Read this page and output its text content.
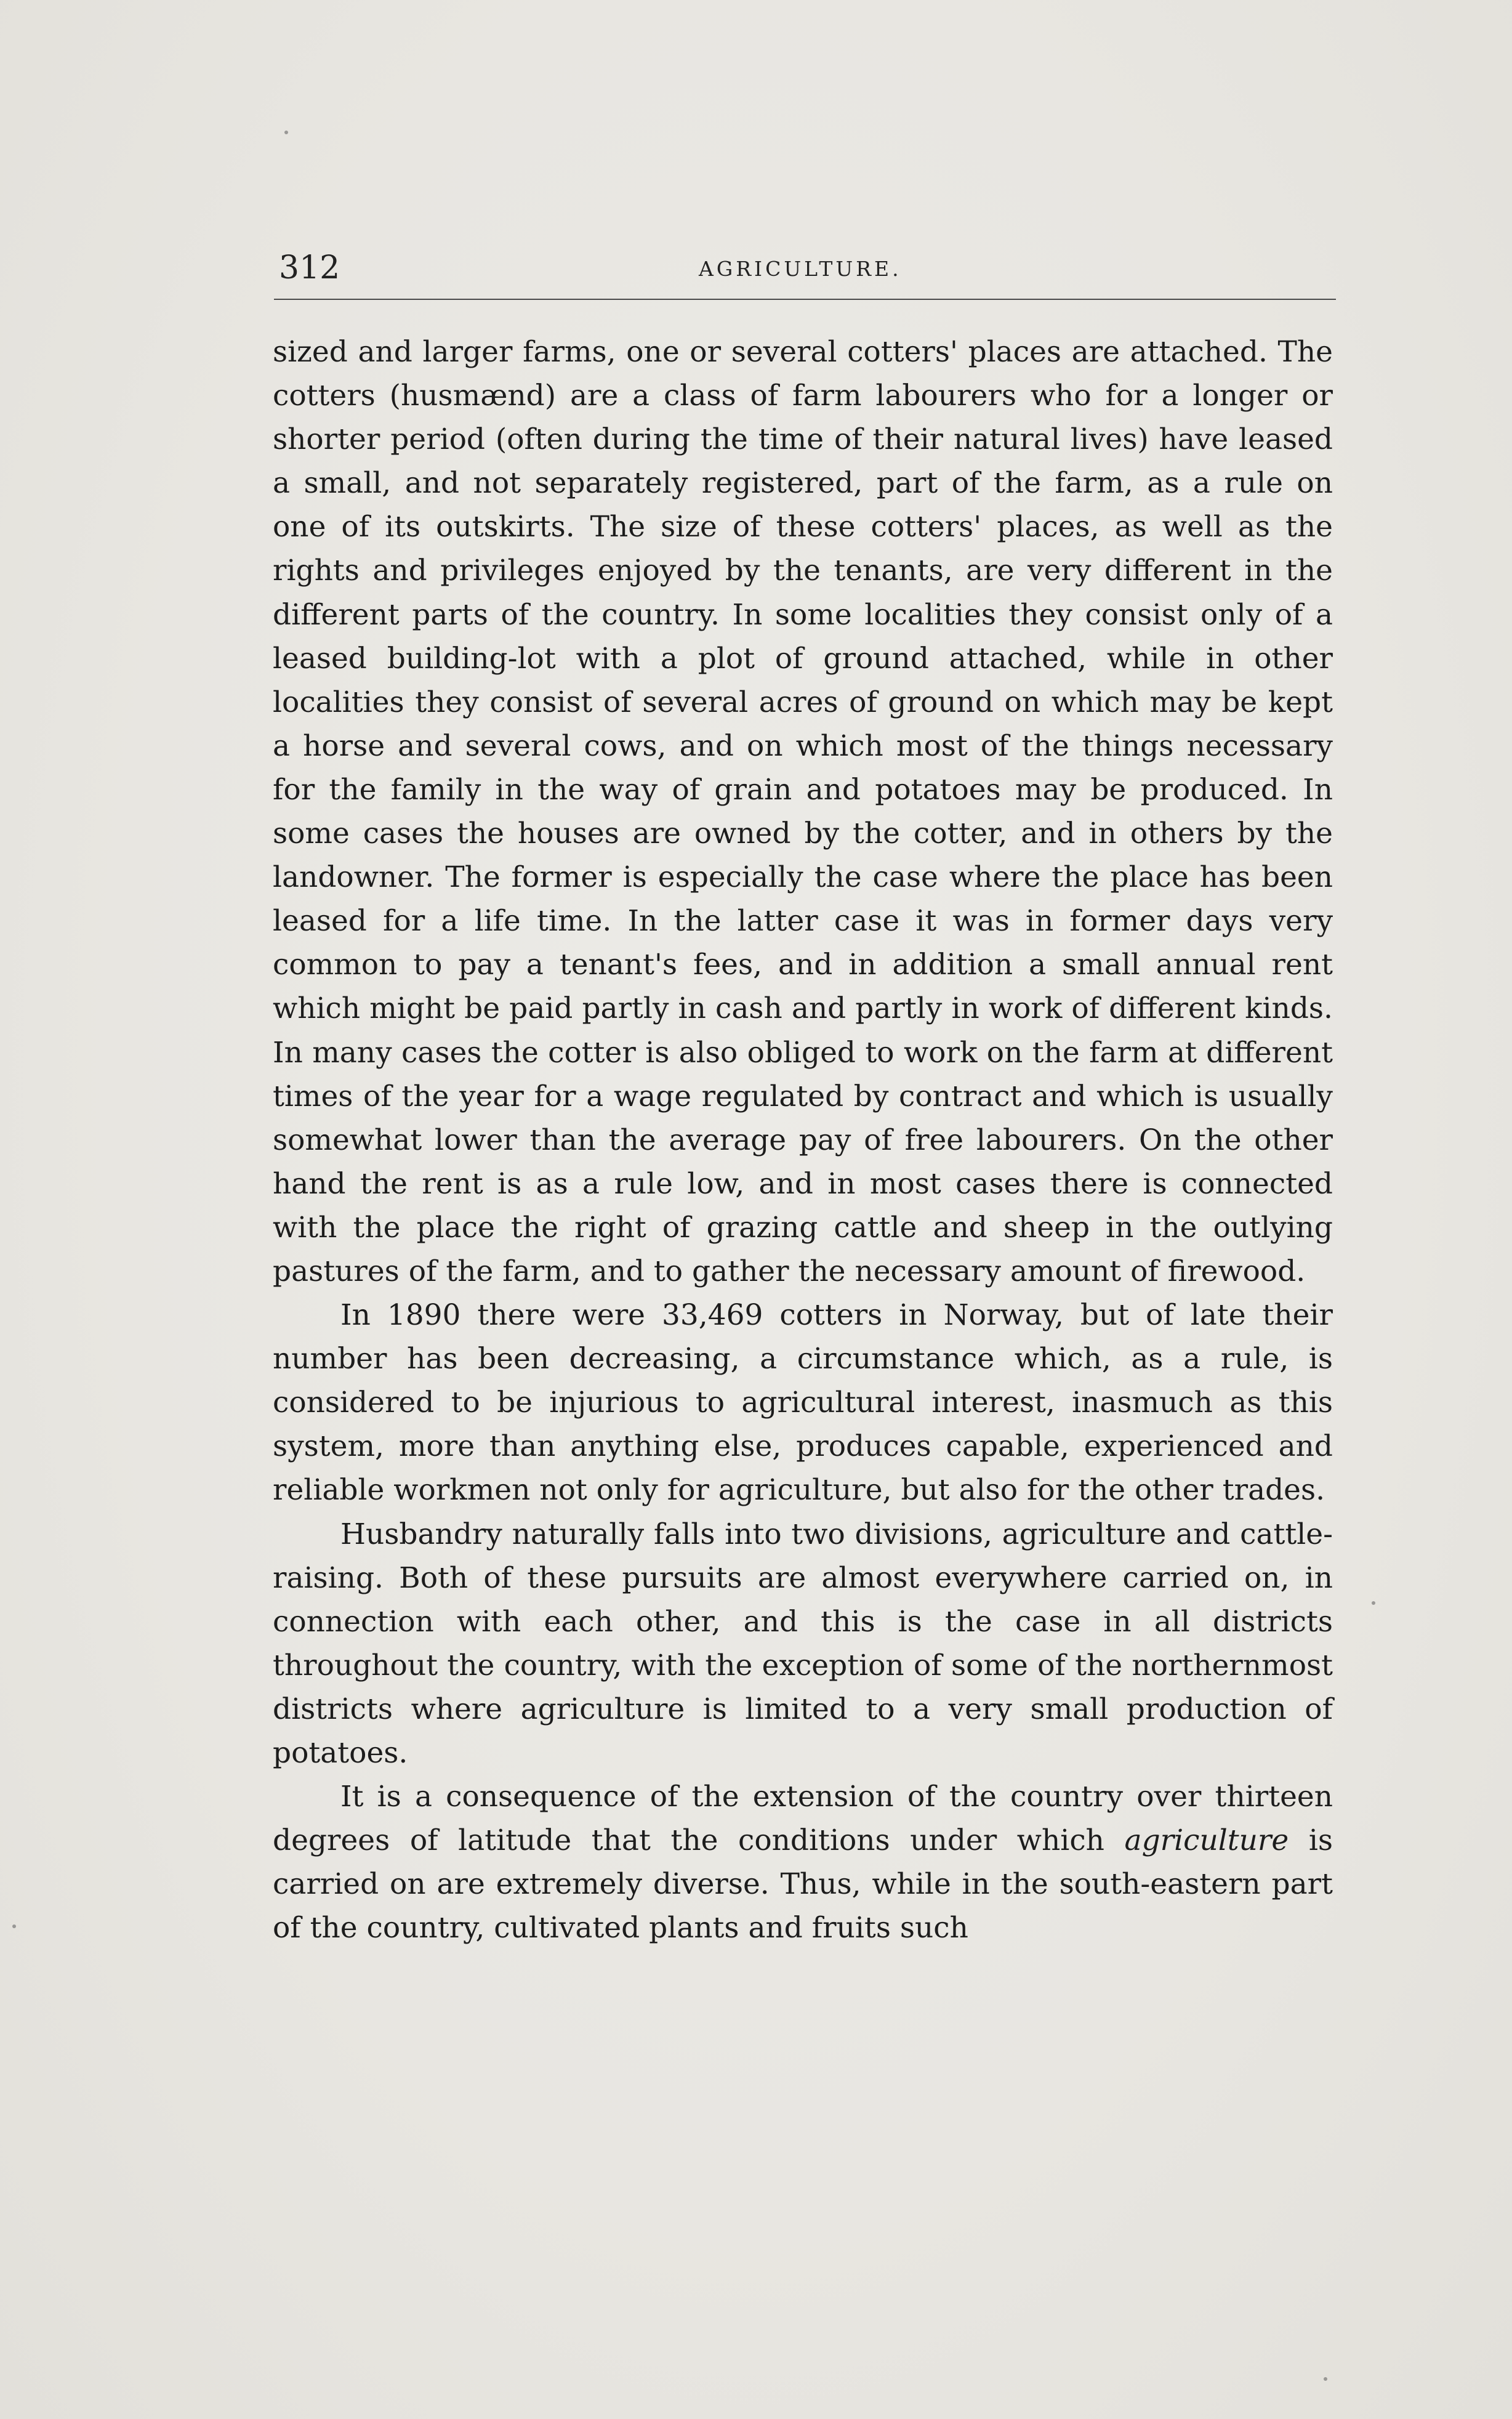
312	AGRICULTURE.

sized and larger farms, one or several cotters' places are attached. The cotters (husmænd) are a class of farm labourers who for a longer or shorter period (often during the time of their natural lives) have leased a small, and not separately registered, part of the farm, as a rule on one of its outskirts. The size of these cotters' places, as well as the rights and privileges enjoyed by the tenants, are very different in the different parts of the country. In some localities they consist only of a leased building-lot with a plot of ground attached, while in other localities they consist of several acres of ground on which may be kept a horse and several cows, and on which most of the things necessary for the family in the way of grain and potatoes may be produced. In some cases the houses are owned by the cotter, and in others by the landowner. The former is especially the case where the place has been leased for a life time. In the latter case it was in former days very common to pay a tenant's fees, and in addition a small annual rent which might be paid partly in cash and partly in work of different kinds. In many cases the cotter is also obliged to work on the farm at different times of the year for a wage regulated by contract and which is usually somewhat lower than the average pay of free labourers. On the other hand the rent is as a rule low, and in most cases there is connected with the place the right of grazing cattle and sheep in the outlying pastures of the farm, and to gather the necessary amount of firewood.

In 1890 there were 33,469 cotters in Norway, but of late their number has been decreasing, a circumstance which, as a rule, is considered to be injurious to agricultural interest, inasmuch as this system, more than anything else, produces capable, experienced and reliable workmen not only for agriculture, but also for the other trades.

Husbandry naturally falls into two divisions, agriculture and cattle-raising. Both of these pursuits are almost everywhere carried on, in connection with each other, and this is the case in all districts throughout the country, with the exception of some of the northernmost districts where agriculture is limited to a very small production of potatoes.

It is a consequence of the extension of the country over thirteen degrees of latitude that the conditions under which agriculture is carried on are extremely diverse. Thus, while in the south-eastern part of the country, cultivated plants and fruits such
